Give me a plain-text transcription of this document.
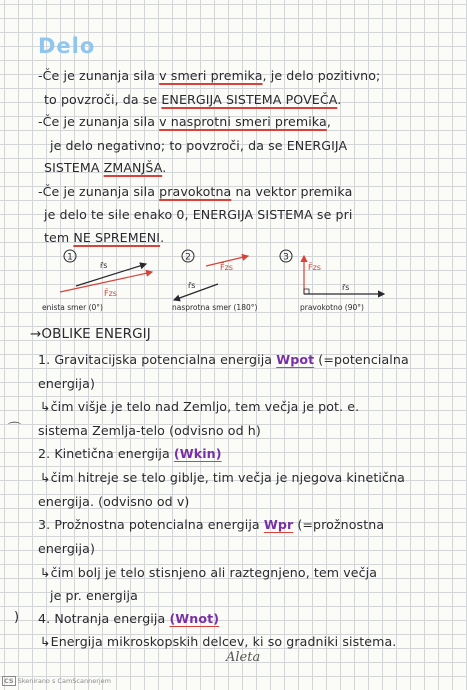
Delo
-Če je zunanja sila v smeri premika, je delo pozitivno;
to povzroči, da se ENERGIJA SISTEMA POVEČA.
-Če je zunanja sila v nasprotni smeri premika,
je delo negativno; to povzroči, da se ENERGIJA
SISTEMA ZMANJŠA.
-Če je zunanja sila pravokotna na vektor premika
je delo te sile enako 0, ENERGIJA SISTEMA se pri
tem NE SPREMENI.
1
r̄s
F̄zs
enista smer (0°)
2
F̄zs
r̄s
nasprotna smer (180°)
3
F̄zs
r̄s
pravokotno (90°)
→OBLIKE ENERGIJ
1. Gravitacijska potencialna energija Wpot (=potencialna
energija)
↳čim višje je telo nad Zemljo, tem večja je pot. e.
sistema Zemlja-telo (odvisno od h)
2. Kinetična energija (Wkin)
↳čim hitreje se telo giblje, tim večja je njegova kinetična
energija. (odvisno od v)
3. Prožnostna potencialna energija Wpr (=prožnostna
energija)
↳čim bolj je telo stisnjeno ali raztegnjeno, tem večja
je pr. energija
4. Notranja energija (Wnot)
↳Energija mikroskopskih delcev, ki so gradniki sistema.
⌒
)
Aleta
CS Skenirano s CamScannerjem
